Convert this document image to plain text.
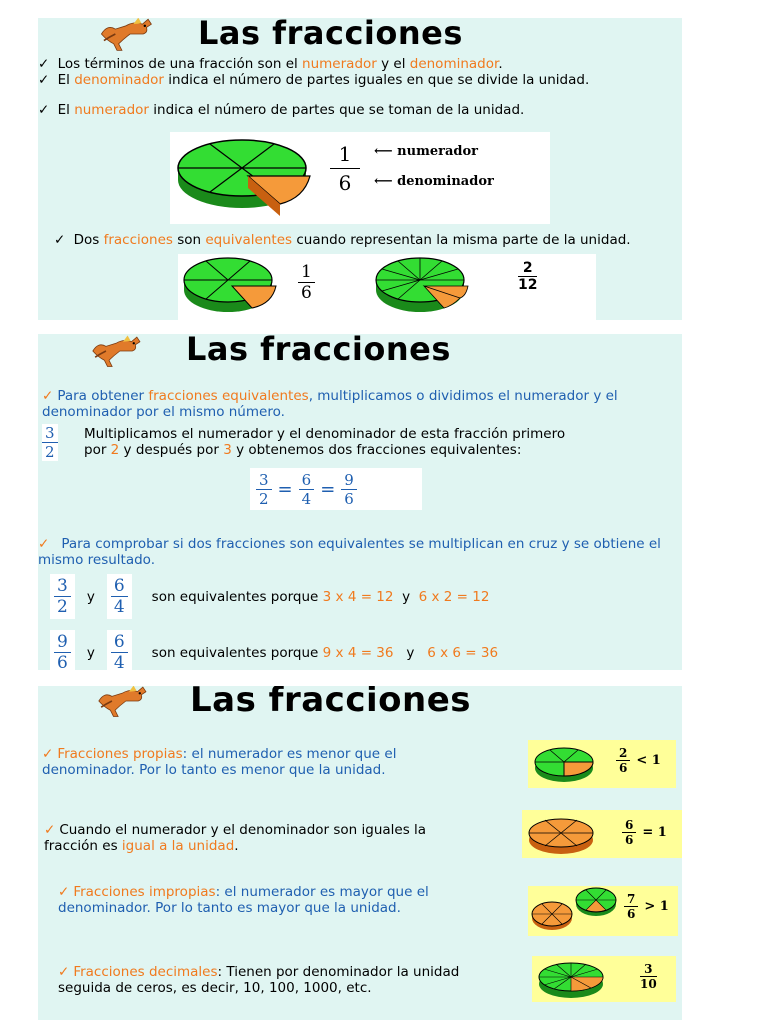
Las fracciones

✓ Los términos de una fracción son el numerador y el denominador.

✓ El denominador indica el número de partes iguales en que se divide la unidad.

✓ El numerador indica el número de partes que se toman de la unidad.

1
6
⟵ numerador
⟵ denominador

✓ Dos fracciones son equivalentes cuando representan la misma parte de la unidad.

$\frac{1}{6}$	$\frac{2}{12}$
Las fracciones

✓ Para obtener fracciones equivalentes, multiplicamos o dividimos el numerador y el denominador por el mismo número.

$\frac{3}{2}$ Multiplicamos el numerador y el denominador de esta fracción primero
por 2 y después por 3 y obtenemos dos fracciones equivalentes:

$\frac{3}{2} = \frac{6}{4} = \frac{9}{6}$

✓ Para comprobar si dos fracciones son equivalentes se multiplican en cruz y se obtiene el mismo resultado.

$\frac{3}{2}$ y $\frac{6}{4}$ son equivalentes porque 3 x 4 = 12  y  6 x 2 = 12
$\frac{9}{6}$ y $\frac{6}{4}$ son equivalentes porque 9 x 4 = 36   y   6 x 6 = 36
Las fracciones

✓ Fracciones propias: el numerador es menor que el denominador. Por lo tanto es menor que la unidad.	$\frac{2}{6} < 1$

✓ Cuando el numerador y el denominador son iguales la fracción es igual a la unidad.	$\frac{6}{6} = 1$

✓ Fracciones impropias: el numerador es mayor que el denominador. Por lo tanto es mayor que la unidad.	$\frac{7}{6} > 1$

✓ Fracciones decimales: Tienen por denominador la unidad seguida de ceros, es decir, 10, 100, 1000, etc.	$\frac{3}{10}$
